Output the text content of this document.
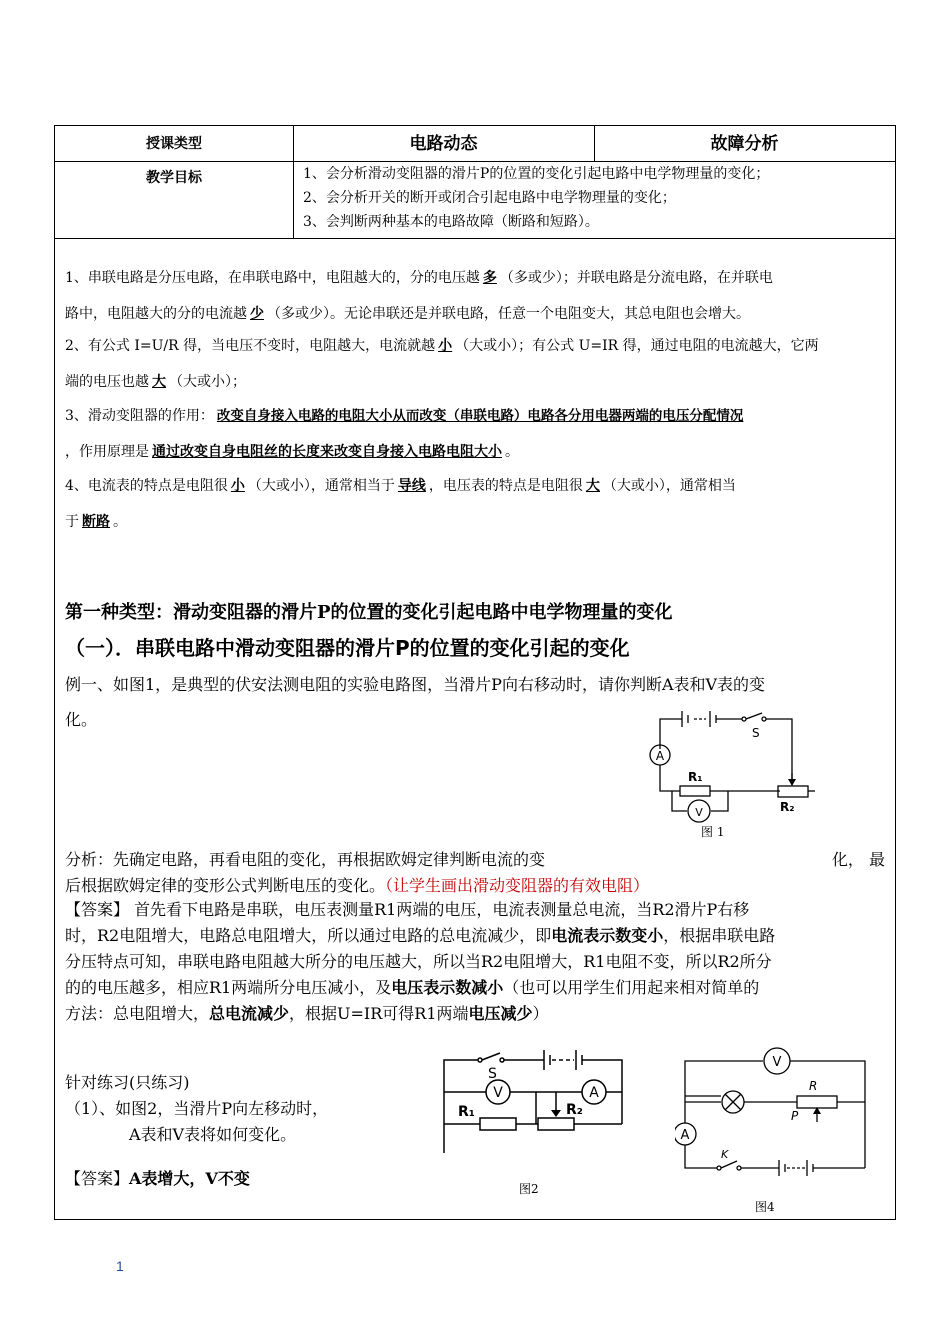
授课类型	电路动态	故障分析
教学目标	1、会分析滑动变阻器的滑片P的位置的变化引起电路中电学物理量的变化；
2、会分析开关的断开或闭合引起电路中电学物理量的变化；
3、会判断两种基本的电路故障（断路和短路）。
1、串联电路是分压电路，在串联电路中，电阻越大的，分的电压越 多 （多或少）；并联电路是分流电路，在并联电
路中，电阻越大的分的电流越 少 （多或少）。无论串联还是并联电路，任意一个电阻变大，其总电阻也会增大。
2、有公式 I=U/R 得，当电压不变时，电阻越大，电流就越 小 （大或小）；有公式 U=IR 得，通过电阻的电流越大，它两
端的电压也越 大 （大或小）；
3、滑动变阻器的作用： 改变自身接入电路的电阻大小从而改变（串联电路）电路各分用电器两端的电压分配情况
，作用原理是 通过改变自身电阻丝的长度来改变自身接入电路电阻大小 。
4、电流表的特点是电阻很 小 （大或小），通常相当于 导线 ，电压表的特点是电阻很 大 （大或小），通常相当
于 断路 。
第一种类型：滑动变阻器的滑片P的位置的变化引起电路中电学物理量的变化
（一）．串联电路中滑动变阻器的滑片P的位置的变化引起的变化
例一、如图1，是典型的伏安法测电阻的实验电路图，当滑片P向右移动时，请你判断A表和V表的变
化。
A
V
S
R₁
R₂
图 1
分析：先确定电路，再看电阻的变化，再根据欧姆定律判断电流的变	化， 最

后根据欧姆定律的变形公式判断电压的变化。（让学生画出滑动变阻器的有效电阻）
【答案】 首先看下电路是串联，电压表测量R1两端的电压，电流表测量总电流，当R2滑片P右移
时，R2电阻增大，电路总电阻增大，所以通过电路的总电流减少，即电流表示数变小，根据串联电路
分压特点可知，串联电路电阻越大所分的电压越大，所以当R2电阻增大，R1电阻不变，所以R2所分
的的电压越多，相应R1两端所分电压减小，及电压表示数减小（也可以用学生们用起来相对简单的
方法：总电阻增大，总电流减少，根据U=IR可得R1两端电压减少）
针对练习(只练习)
（1）、如图2，当滑片P向左移动时，
A表和V表将如何变化。
【答案】A表增大，V不变
V	A
S
R₁	R₂
图2
V
A
R
P
K
图4
1
